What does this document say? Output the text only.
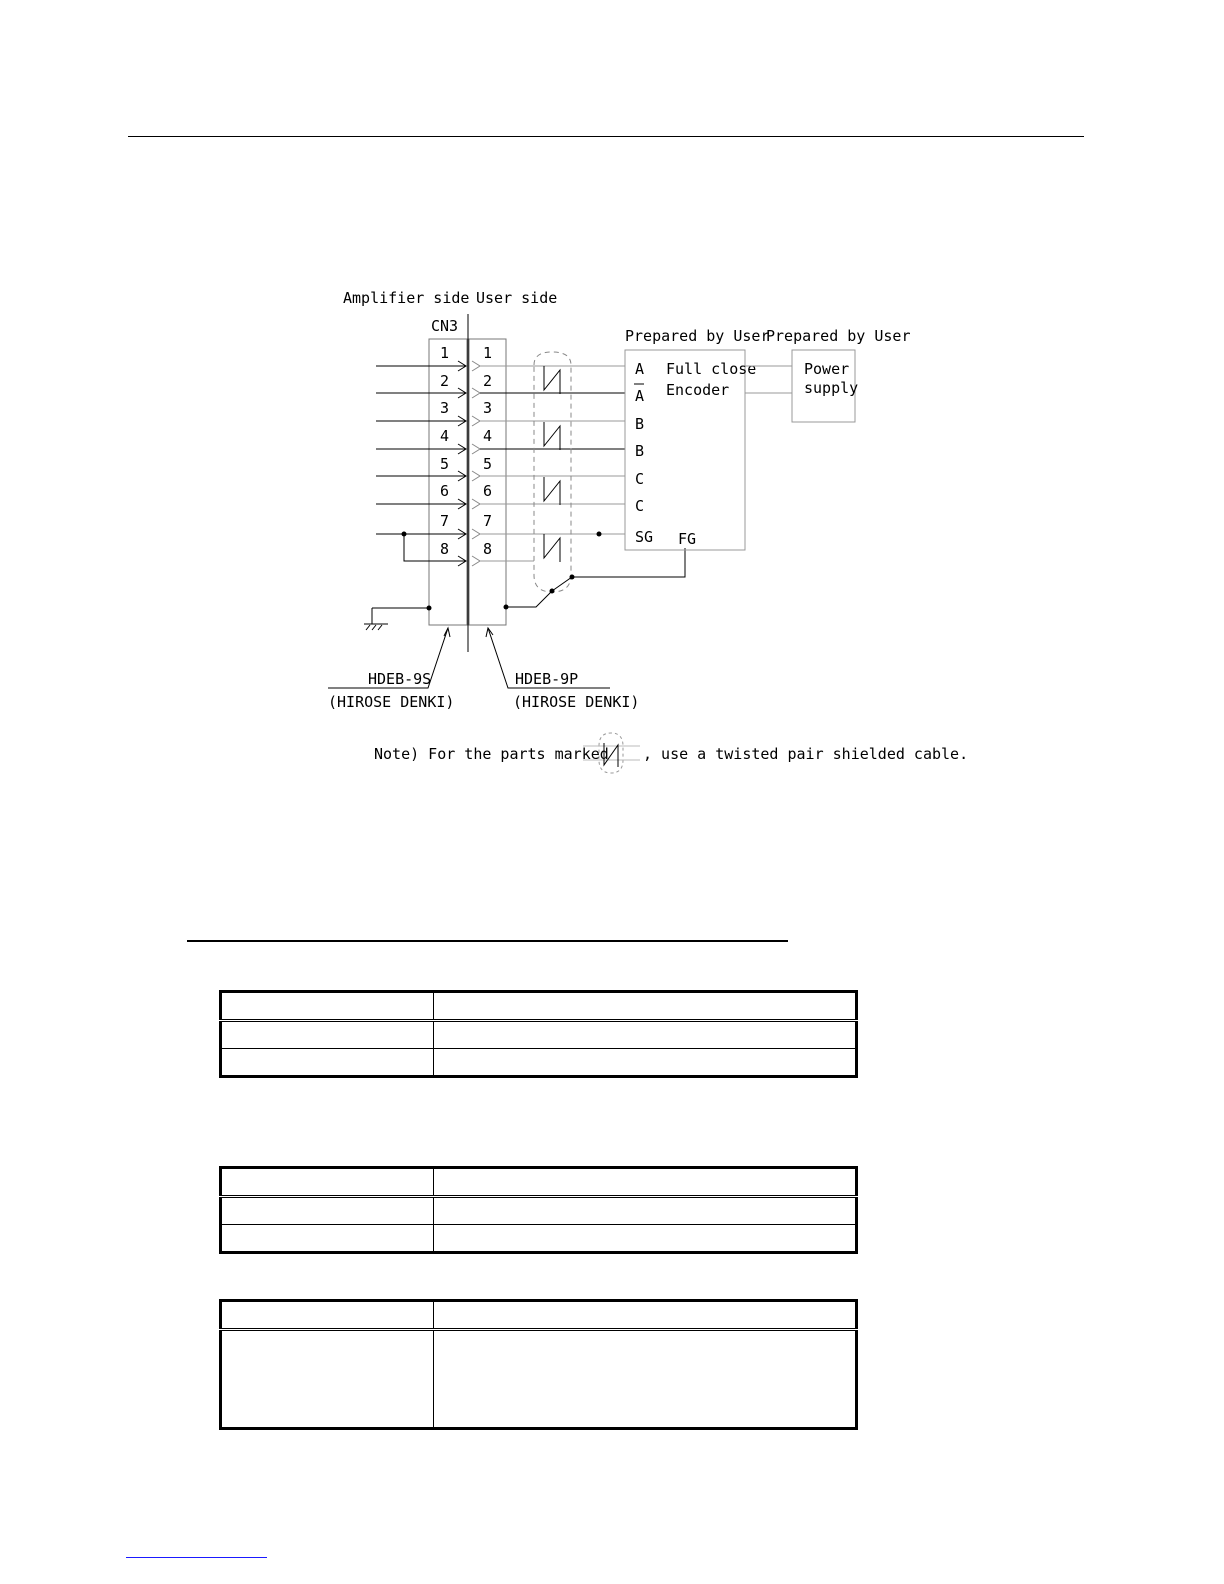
Amplifier side User side
CN3
1
2
3
4
5
6
7
8
1
2
3
4
5
6
7
8
Prepared by User
Full close
Encoder
A
A
B
B
C
C
SG FG
Prepared by User
Power
supply
HDEB-9S
(HIROSE DENKI)
HDEB-9P
(HIROSE DENKI)
Note) For the parts marked , use a twisted pair shielded cable.
